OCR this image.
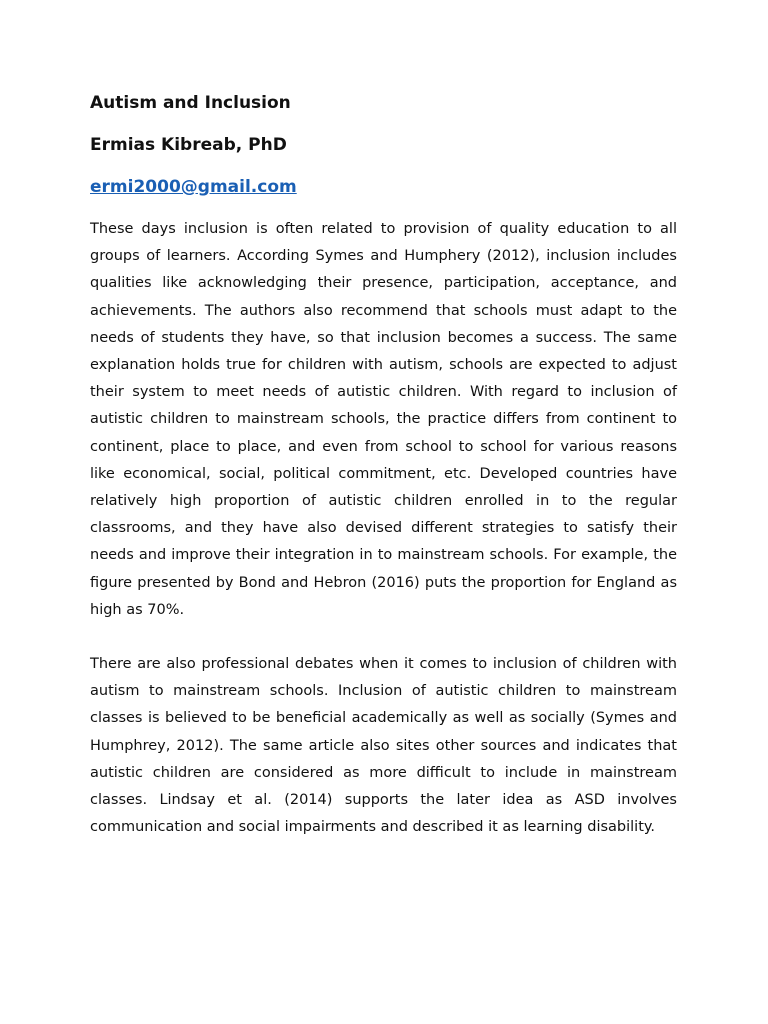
Autism and Inclusion
Ermias Kibreab, PhD
ermi2000@gmail.com

These days inclusion is often related to provision of quality education to all groups of learners. According Symes and Humphery (2012), inclusion includes qualities like acknowledging their presence, participation, acceptance, and achievements. The authors also recommend that schools must adapt to the needs of students they have, so that inclusion becomes a success. The same explanation holds true for children with autism, schools are expected to adjust their system to meet needs of autistic children. With regard to inclusion of autistic children to mainstream schools, the practice differs from continent to continent, place to place, and even from school to school for various reasons like economical, social, political commitment, etc. Developed countries have relatively high proportion of autistic children enrolled in to the regular classrooms, and they have also devised different strategies to satisfy their needs and improve their integration in to mainstream schools. For example, the figure presented by Bond and Hebron (2016) puts the proportion for England as high as 70%.

There are also professional debates when it comes to inclusion of children with autism to mainstream schools. Inclusion of autistic children to mainstream classes is believed to be beneficial academically as well as socially (Symes and Humphrey, 2012). The same article also sites other sources and indicates that autistic children are considered as more difficult to include in mainstream classes. Lindsay et al. (2014) supports the later idea as ASD involves communication and social impairments and described it as learning disability.
